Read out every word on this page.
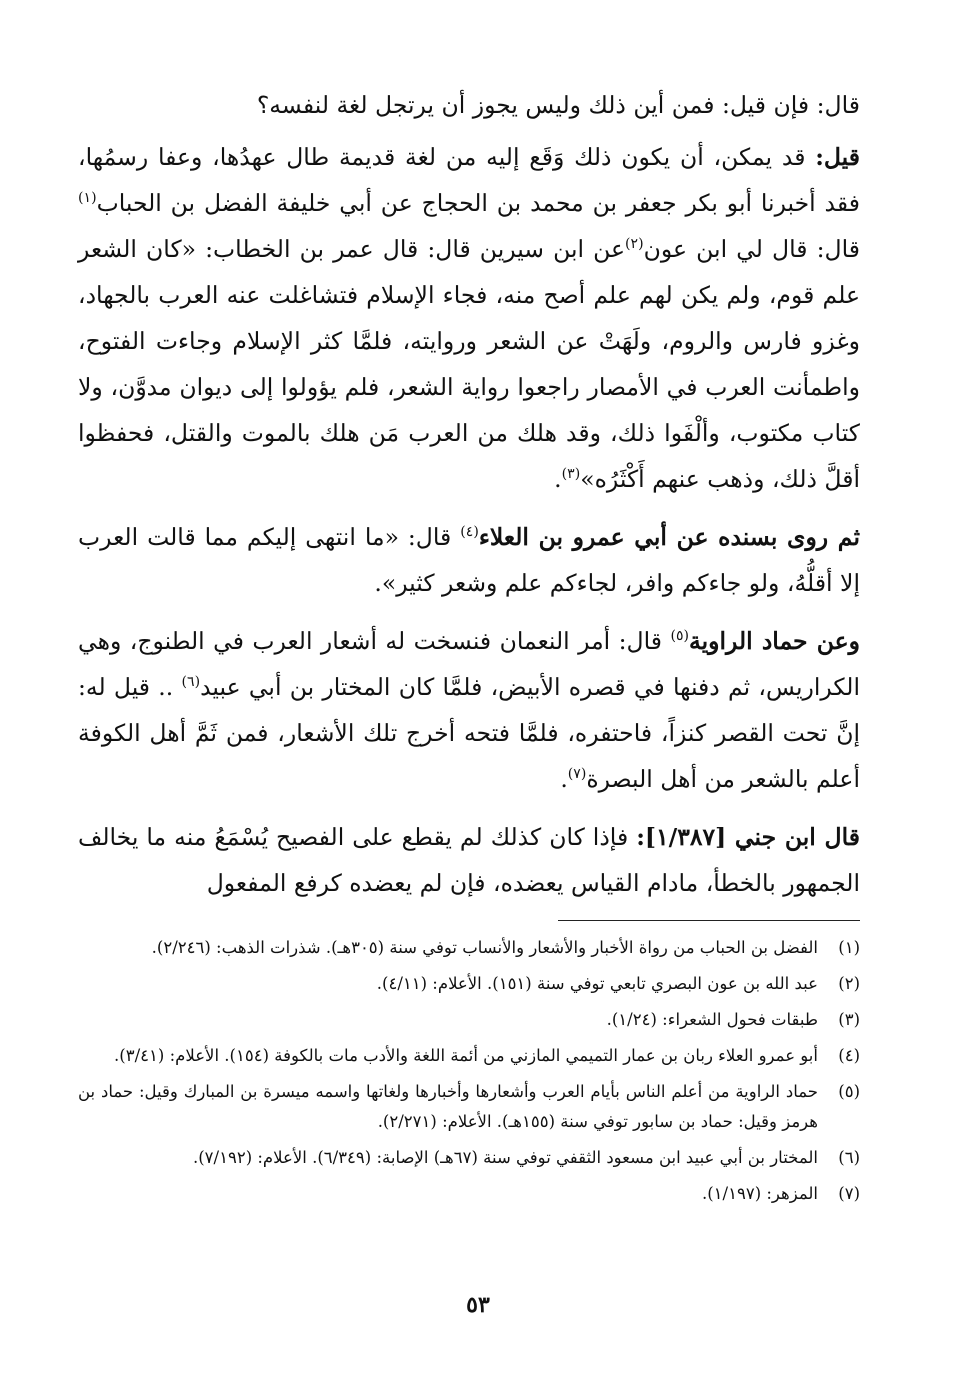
قال: فإن قيل: فمن أين ذلك وليس يجوز أن يرتجل لغة لنفسه؟

قيل: قد يمكن، أن يكون ذلك وَقَع إليه من لغة قديمة طال عهدُها، وعفا رسمُها، فقد أخبرنا أبو بكر جعفر بن محمد بن الحجاج عن أبي خليفة الفضل بن الحباب$^{(١)}$ قال: قال لي ابن عون$^{(٢)}$عن ابن سيرين قال: قال عمر بن الخطاب: «كان الشعر علم قوم، ولم يكن لهم علم أصح منه، فجاء الإسلام فتشاغلت عنه العرب بالجهاد، وغزو فارس والروم، ولَهَتْ عن الشعر وروايته، فلمَّا كثر الإسلام وجاءت الفتوح، واطمأنت العرب في الأمصار راجعوا رواية الشعر، فلم يؤولوا إلى ديوان مدوَّن، ولا كتاب مكتوب، وألْفَوا ذلك، وقد هلك من العرب مَن هلك بالموت والقتل، فحفظوا أقلَّ ذلك، وذهب عنهم أَكْثَرُه»$^{(٣)}$.

ثم روى بسنده عن أبي عمرو بن العلاء$^{(٤)}$ قال: «ما انتهى إليكم مما قالت العرب إلا أقلُّهُ، ولو جاءكم وافر، لجاءكم علم وشعر كثير».

وعن حماد الراوية$^{(٥)}$ قال: أمر النعمان فنسخت له أشعار العرب في الطنوج، وهي الكراريس، ثم دفنها في قصره الأبيض، فلمَّا كان المختار بن أبي عبيد$^{(٦)}$ .. قيل له: إنَّ تحت القصر كنزاً، فاحتفره، فلمَّا فتحه أخرج تلك الأشعار، فمن ثَمَّ أهل الكوفة أعلم بالشعر من أهل البصرة$^{(٧)}$.

قال ابن جني [١/٣٨٧]: فإذا كان كذلك لم يقطع على الفصيح يُسْمَعُ منه ما يخالف الجمهور بالخطأ، مادام القياس يعضده، فإن لم يعضده كرفع المفعول

(١)
الفضل بن الحباب من رواة الأخبار والأشعار والأنساب توفي سنة (٣٠٥هـ). شذرات الذهب: (٢/٢٤٦).
(٢)
عبد الله بن عون البصري تابعي توفي سنة (١٥١). الأعلام: (٤/١١).
(٣)
طبقات فحول الشعراء: (١/٢٤).
(٤)
أبو عمرو العلاء ربان بن عمار التميمي المازني من أئمة اللغة والأدب مات بالكوفة (١٥٤). الأعلام: (٣/٤١).
(٥)
حماد الراوية من أعلم الناس بأيام العرب وأشعارها وأخبارها ولغاتها واسمه ميسرة بن المبارك وقيل: حماد بن هرمز وقيل: حماد بن سابور توفي سنة (١٥٥هـ). الأعلام: (٢/٢٧١).
(٦)
المختار بن أبي عبيد ابن مسعود الثقفي توفي سنة (٦٧هـ) الإصابة: (٦/٣٤٩). الأعلام: (٧/١٩٢).
(٧)
المزهر: (١/١٩٧).
٥٣
